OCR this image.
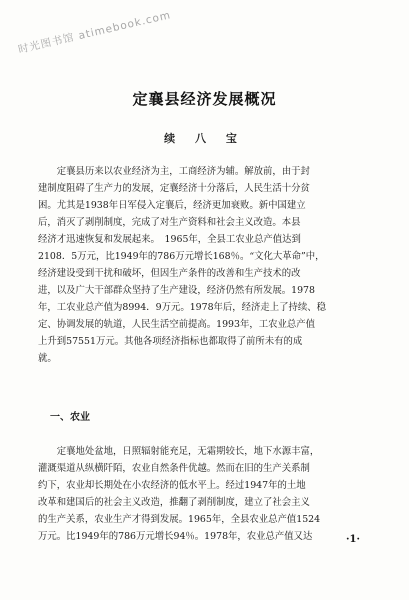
时光图书馆 atimebook.com
定襄县经济发展概况
续 八 宝
　　定襄县历来以农业经济为主，工商经济为辅。解放前，由于封
建制度阻碍了生产力的发展，定襄经济十分落后，人民生活十分贫
困。尤其是1938年日军侵入定襄后，经济更加衰败。新中国建立
后，消灭了剥削制度，完成了对生产资料和社会主义改造。本县
经济才迅速恢复和发展起来。　1965年，全县工农业总产值达到
2108．5万元，比1949年的786万元增长168％。“文化大革命”中，
经济建设受到干扰和破坏，但因生产条件的改善和生产技术的改
进，以及广大干部群众坚持了生产建设，经济仍然有所发展。1978
年，工农业总产值为8994．9万元。1978年后，经济走上了持续、稳
定、协调发展的轨道，人民生活空前提高。1993年，工农业总产值
上升到57551万元。其他各项经济指标也都取得了前所未有的成
就。
一、农业
　　定襄地处盆地，日照辐射能充足，无霜期较长，地下水源丰富，
灌溉渠道从纵横阡陌，农业自然条件优越。然而在旧的生产关系制
约下，农业却长期处在小农经济的低水平上。经过1947年的土地
改革和建国后的社会主义改造，推翻了剥削制度，建立了社会主义
的生产关系，农业生产才得到发展。1965年，全县农业总产值1524
万元。比1949年的786万元增长94％。1978年，农业总产值又达	·1·
